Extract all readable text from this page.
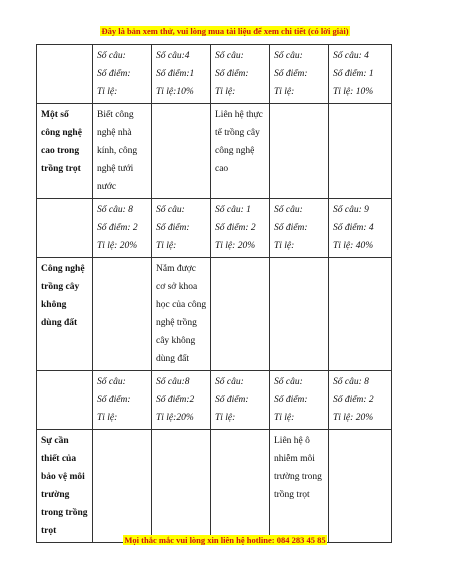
Đây là bản xem thử, vui lòng mua tài liệu để xem chi tiết (có lời giải)

	Số câu:
Số điểm:
Tỉ lệ:	Số câu:4
Số điểm:1
Tỉ lệ:10%	Số câu:
Số điểm:
Tỉ lệ:	Số câu:
Số điểm:
Tỉ lệ:	Số câu: 4
Số điểm: 1
Tỉ lệ: 10%

Một số công nghệ cao trong trồng trọt	Biết công nghệ nhà kính, công nghệ tưới nước		Liên hệ thực tế trồng cây công nghệ cao		

	Số câu: 8
Số điểm: 2
Tỉ lệ: 20%	Số câu:
Số điểm:
Tỉ lệ:	Số câu: 1
Số điểm: 2
Tỉ lệ: 20%	Số câu:
Số điểm:
Tỉ lệ:	Số câu: 9
Số điểm: 4
Tỉ lệ: 40%

Công nghệ trồng cây không dùng đất		Nắm được cơ sở khoa học của công nghệ trồng cây không dùng đất			

	Số câu:
Số điểm:
Tỉ lệ:	Số câu:8
Số điểm:2
Tỉ lệ:20%	Số câu:
Số điểm:
Tỉ lệ:	Số câu:
Số điểm:
Tỉ lệ:	Số câu: 8
Số điểm: 2
Tỉ lệ: 20%

Sự cần thiết của bảo vệ môi trường trong trồng trọt				Liên hệ ô nhiễm môi trường trong trồng trọt	

Mọi thắc mắc vui lòng xin liên hệ hotline: 084 283 45 85
